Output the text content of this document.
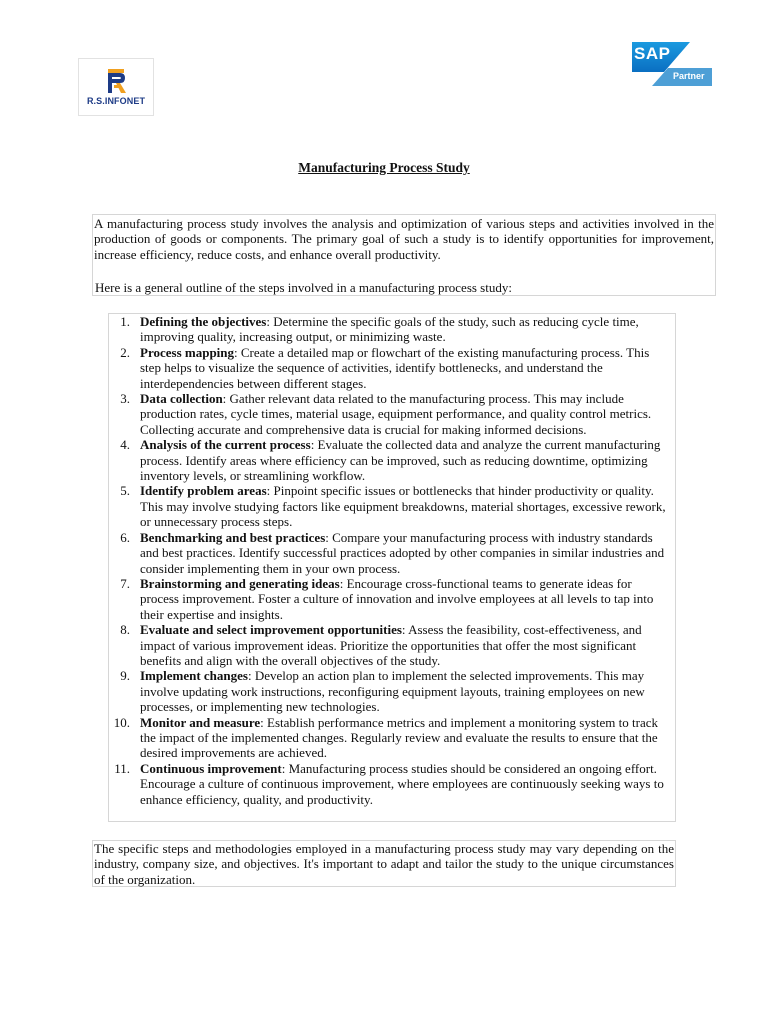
R.S.INFONET
SAP
Partner
Manufacturing Process Study

A manufacturing process study involves the analysis and optimization of various steps and activities involved in the production of goods or components. The primary goal of such a study is to identify opportunities for improvement, increase efficiency, reduce costs, and enhance overall productivity.

Here is a general outline of the steps involved in a manufacturing process study:

1. Defining the objectives: Determine the specific goals of the study, such as reducing cycle time, improving quality, increasing output, or minimizing waste.
2. Process mapping: Create a detailed map or flowchart of the existing manufacturing process. This step helps to visualize the sequence of activities, identify bottlenecks, and understand the interdependencies between different stages.
3. Data collection: Gather relevant data related to the manufacturing process. This may include production rates, cycle times, material usage, equipment performance, and quality control metrics. Collecting accurate and comprehensive data is crucial for making informed decisions.
4. Analysis of the current process: Evaluate the collected data and analyze the current manufacturing process. Identify areas where efficiency can be improved, such as reducing downtime, optimizing inventory levels, or streamlining workflow.
5. Identify problem areas: Pinpoint specific issues or bottlenecks that hinder productivity or quality. This may involve studying factors like equipment breakdowns, material shortages, excessive rework, or unnecessary process steps.
6. Benchmarking and best practices: Compare your manufacturing process with industry standards and best practices. Identify successful practices adopted by other companies in similar industries and consider implementing them in your own process.
7. Brainstorming and generating ideas: Encourage cross-functional teams to generate ideas for process improvement. Foster a culture of innovation and involve employees at all levels to tap into their expertise and insights.
8. Evaluate and select improvement opportunities: Assess the feasibility, cost-effectiveness, and impact of various improvement ideas. Prioritize the opportunities that offer the most significant benefits and align with the overall objectives of the study.
9. Implement changes: Develop an action plan to implement the selected improvements. This may involve updating work instructions, reconfiguring equipment layouts, training employees on new processes, or implementing new technologies.
10. Monitor and measure: Establish performance metrics and implement a monitoring system to track the impact of the implemented changes. Regularly review and evaluate the results to ensure that the desired improvements are achieved.
11. Continuous improvement: Manufacturing process studies should be considered an ongoing effort. Encourage a culture of continuous improvement, where employees are continuously seeking ways to enhance efficiency, quality, and productivity.

The specific steps and methodologies employed in a manufacturing process study may vary depending on the industry, company size, and objectives. It's important to adapt and tailor the study to the unique circumstances of the organization.
